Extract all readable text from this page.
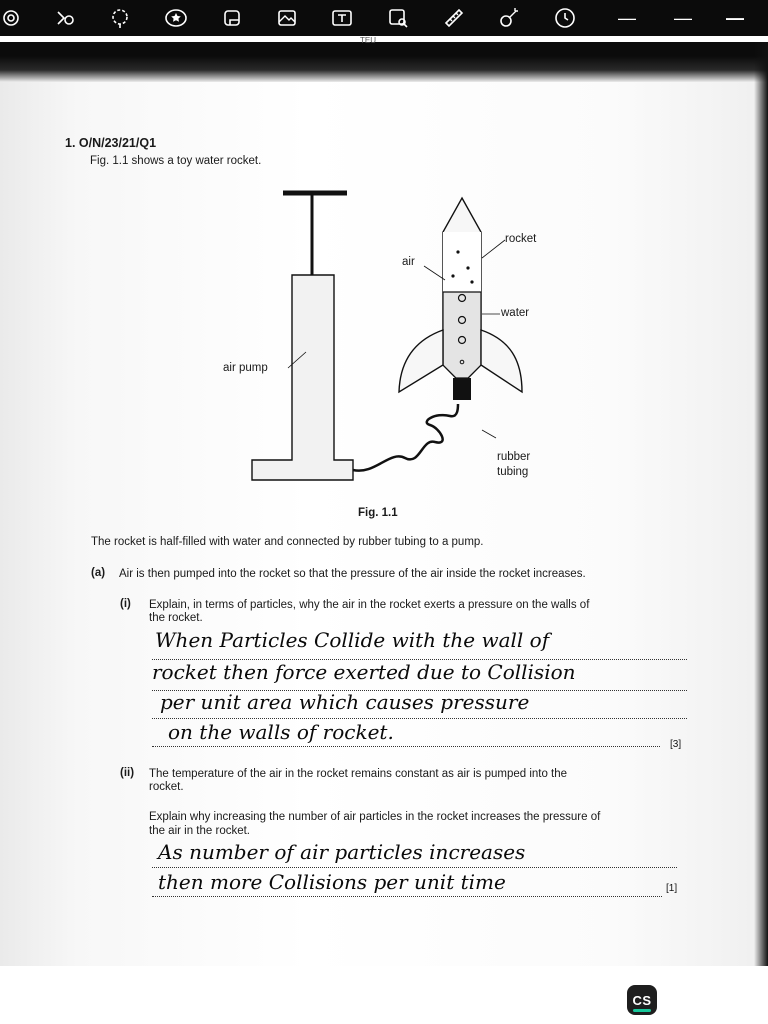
— — —
TEU
1. O/N/23/21/Q1
Fig. 1.1 shows a toy water rocket.
rocket
air
water
air pump
rubber
tubing
Fig. 1.1
The rocket is half-filled with water and connected by rubber tubing to a pump.
(a) Air is then pumped into the rocket so that the pressure of the air inside the rocket increases.
(i) Explain, in terms of particles, why the air in the rocket exerts a pressure on the walls of
the rocket.
[3]
When Particles Collide with the wall of
rocket then force exerted due to Collision
per unit area which causes pressure
on the walls of rocket.
(ii) The temperature of the air in the rocket remains constant as air is pumped into the
rocket.
Explain why increasing the number of air particles in the rocket increases the pressure of
the air in the rocket.
[1]
As number of air particles increases
then more Collisions per unit time
CS
